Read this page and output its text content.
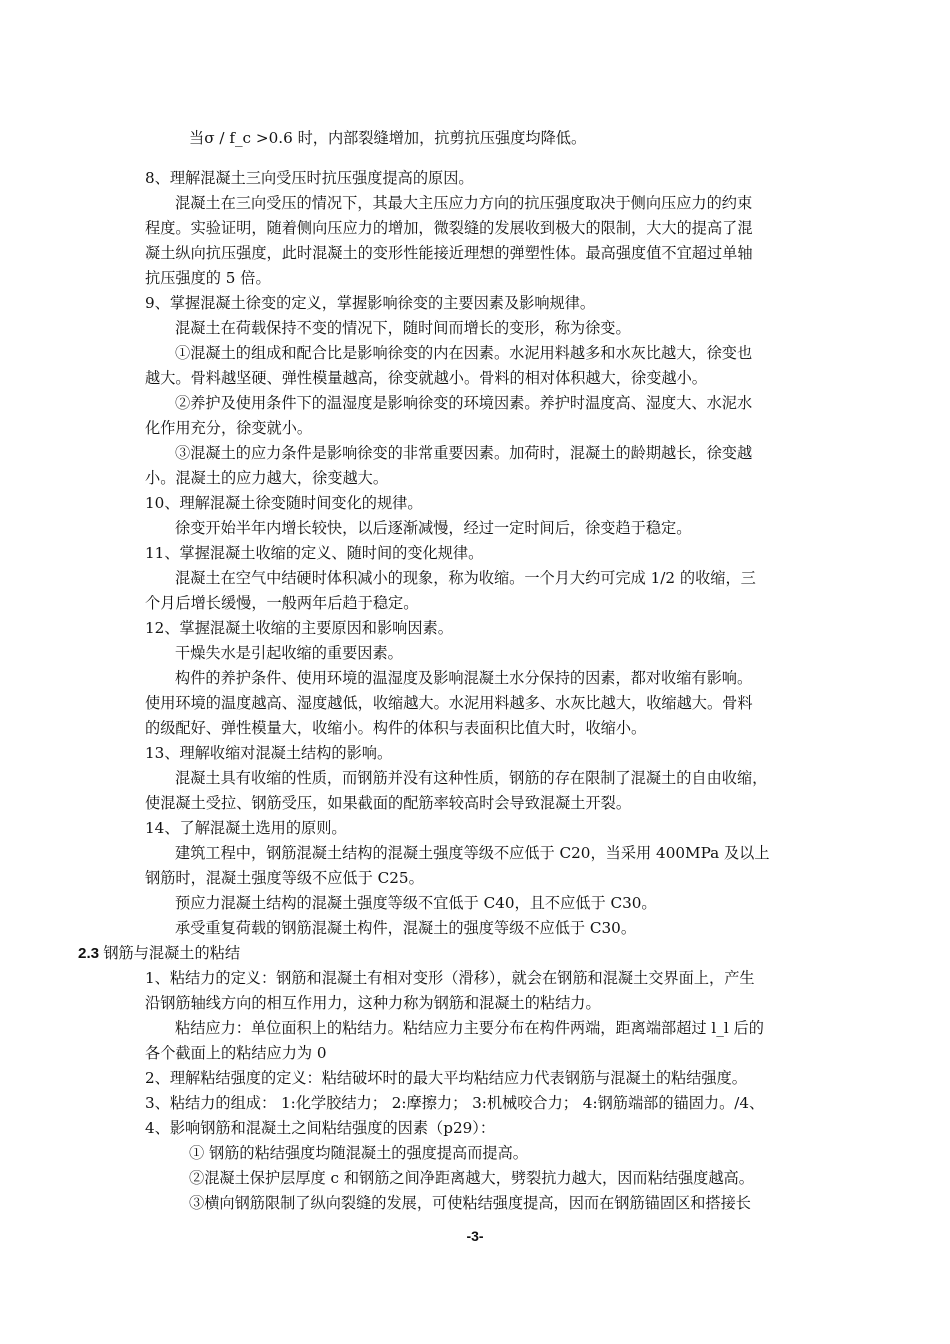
当σ / f_c >0.6 时，内部裂缝增加，抗剪抗压强度均降低。
8、理解混凝土三向受压时抗压强度提高的原因。
混凝土在三向受压的情况下，其最大主压应力方向的抗压强度取决于侧向压应力的约束
程度。实验证明，随着侧向压应力的增加，微裂缝的发展收到极大的限制，大大的提高了混
凝土纵向抗压强度，此时混凝土的变形性能接近理想的弹塑性体。最高强度值不宜超过单轴
抗压强度的 5 倍。
9、掌握混凝土徐变的定义，掌握影响徐变的主要因素及影响规律。
混凝土在荷载保持不变的情况下，随时间而增长的变形，称为徐变。
①混凝土的组成和配合比是影响徐变的内在因素。水泥用料越多和水灰比越大，徐变也
越大。骨料越坚硬、弹性模量越高，徐变就越小。骨料的相对体积越大，徐变越小。
②养护及使用条件下的温湿度是影响徐变的环境因素。养护时温度高、湿度大、水泥水
化作用充分，徐变就小。
③混凝土的应力条件是影响徐变的非常重要因素。加荷时，混凝土的龄期越长，徐变越
小。混凝土的应力越大，徐变越大。
10、理解混凝土徐变随时间变化的规律。
徐变开始半年内增长较快，以后逐渐减慢，经过一定时间后，徐变趋于稳定。
11、掌握混凝土收缩的定义、随时间的变化规律。
混凝土在空气中结硬时体积减小的现象，称为收缩。一个月大约可完成 1/2 的收缩，三
个月后增长缓慢，一般两年后趋于稳定。
12、掌握混凝土收缩的主要原因和影响因素。
干燥失水是引起收缩的重要因素。
构件的养护条件、使用环境的温湿度及影响混凝土水分保持的因素，都对收缩有影响。
使用环境的温度越高、湿度越低，收缩越大。水泥用料越多、水灰比越大，收缩越大。骨料
的级配好、弹性模量大，收缩小。构件的体积与表面积比值大时，收缩小。
13、理解收缩对混凝土结构的影响。
混凝土具有收缩的性质，而钢筋并没有这种性质，钢筋的存在限制了混凝土的自由收缩，
使混凝土受拉、钢筋受压，如果截面的配筋率较高时会导致混凝土开裂。
14、了解混凝土选用的原则。
建筑工程中，钢筋混凝土结构的混凝土强度等级不应低于 C20，当采用 400MPa 及以上
钢筋时，混凝土强度等级不应低于 C25。
预应力混凝土结构的混凝土强度等级不宜低于 C40，且不应低于 C30。
承受重复荷载的钢筋混凝土构件，混凝土的强度等级不应低于 C30。
2.3 钢筋与混凝土的粘结
1、粘结力的定义：钢筋和混凝土有相对变形（滑移），就会在钢筋和混凝土交界面上，产生
沿钢筋轴线方向的相互作用力，这种力称为钢筋和混凝土的粘结力。
粘结应力：单位面积上的粘结力。粘结应力主要分布在构件两端，距离端部超过 l_l 后的
各个截面上的粘结应力为 0
2、理解粘结强度的定义：粘结破坏时的最大平均粘结应力代表钢筋与混凝土的粘结强度。
3、粘结力的组成： 1:化学胶结力； 2:摩擦力； 3:机械咬合力； 4:钢筋端部的锚固力。/4、
4、影响钢筋和混凝土之间粘结强度的因素（p29）：
① 钢筋的粘结强度均随混凝土的强度提高而提高。
②混凝土保护层厚度 c 和钢筋之间净距离越大，劈裂抗力越大，因而粘结强度越高。
③横向钢筋限制了纵向裂缝的发展，可使粘结强度提高，因而在钢筋锚固区和搭接长
-3-
